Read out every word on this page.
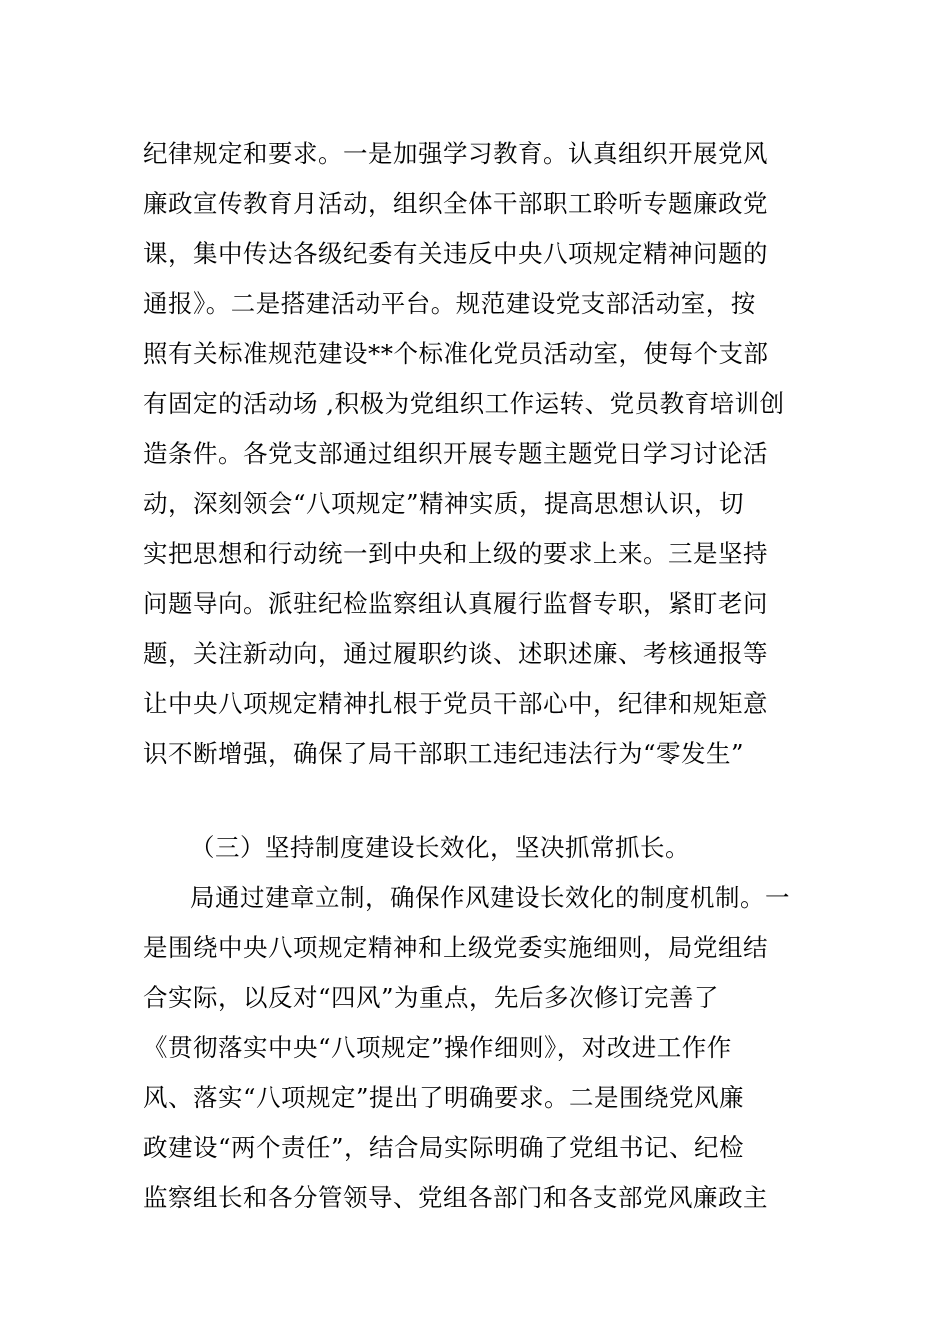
纪律规定和要求。一是加强学习教育。认真组织开展党风
廉政宣传教育月活动，组织全体干部职工聆听专题廉政党
课，集中传达各级纪委有关违反中央八项规定精神问题的
通报》。二是搭建活动平台。规范建设党支部活动室，按
照有关标准规范建设**个标准化党员活动室，使每个支部
有固定的活动场 ,积极为党组织工作运转、党员教育培训创
造条件。各党支部通过组织开展专题主题党日学习讨论活
动，深刻领会“八项规定”精神实质，提高思想认识，切
实把思想和行动统一到中央和上级的要求上来。三是坚持
问题导向。派驻纪检监察组认真履行监督专职，紧盯老问
题，关注新动向，通过履职约谈、述职述廉、考核通报等
让中央八项规定精神扎根于党员干部心中，纪律和规矩意
识不断增强，确保了局干部职工违纪违法行为“零发生”
（三）坚持制度建设长效化，坚决抓常抓长。
局通过建章立制，确保作风建设长效化的制度机制。一
是围绕中央八项规定精神和上级党委实施细则，局党组结
合实际，以反对“四风”为重点，先后多次修订完善了
《贯彻落实中央“八项规定”操作细则》，对改进工作作
风、落实“八项规定”提出了明确要求。二是围绕党风廉
政建设“两个责任”，结合局实际明确了党组书记、纪检
监察组长和各分管领导、党组各部门和各支部党风廉政主
